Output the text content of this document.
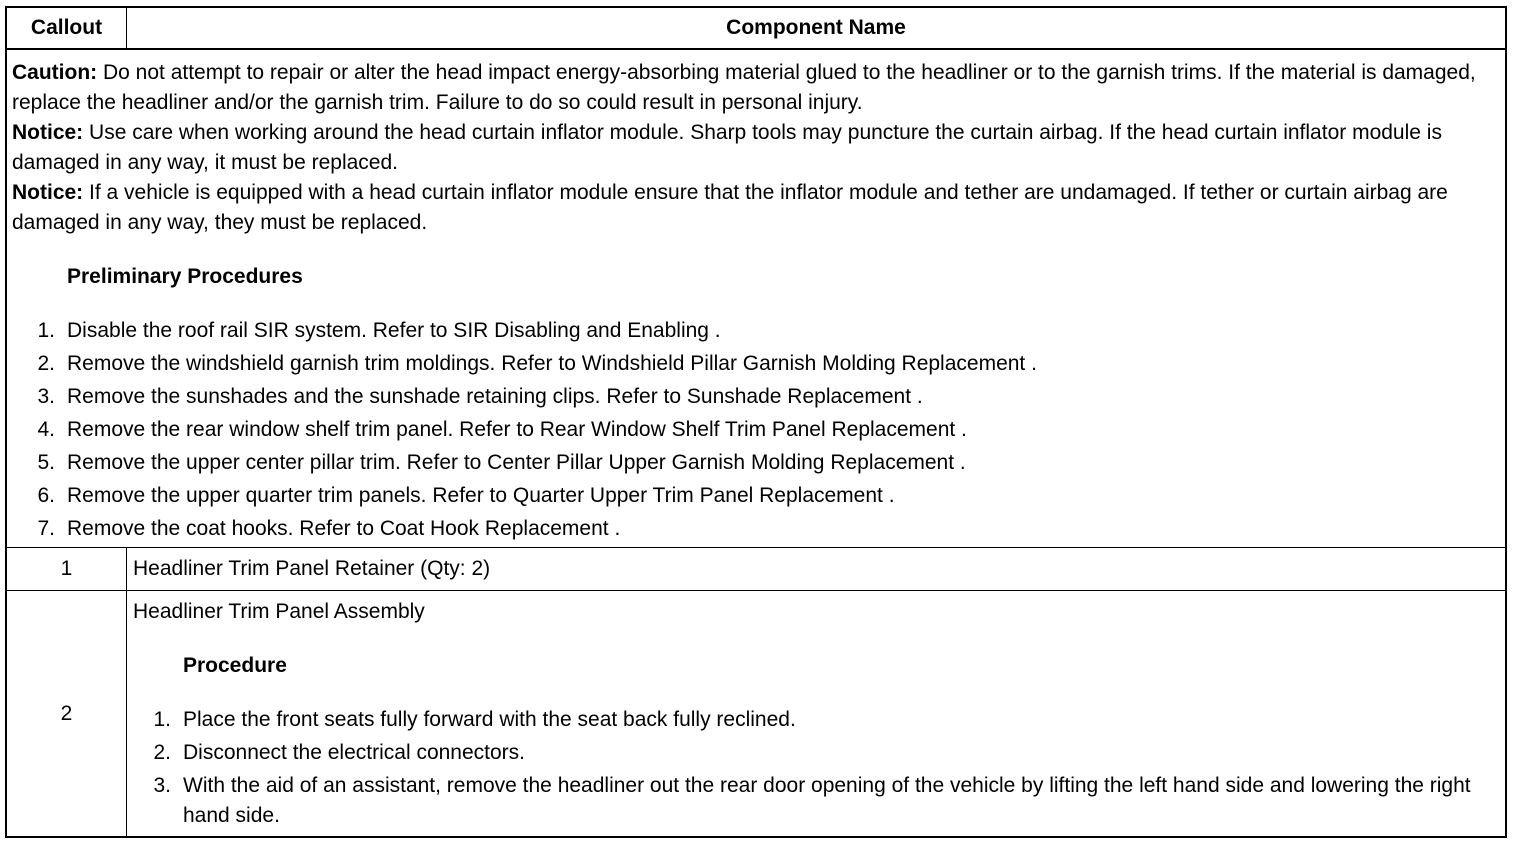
Callout	Component Name

Caution: Do not attempt to repair or alter the head impact energy-absorbing material glued to the headliner or to the garnish trims. If the material is damaged, replace the headliner and/or the garnish trim. Failure to do so could result in personal injury.

Notice: Use care when working around the head curtain inflator module. Sharp tools may puncture the curtain airbag. If the head curtain inflator module is damaged in any way, it must be replaced.

Notice: If a vehicle is equipped with a head curtain inflator module ensure that the inflator module and tether are undamaged. If tether or curtain airbag are damaged in any way, they must be replaced.

Preliminary Procedures
1. Disable the roof rail SIR system. Refer to SIR Disabling and Enabling .
2. Remove the windshield garnish trim moldings. Refer to Windshield Pillar Garnish Molding Replacement .
3. Remove the sunshades and the sunshade retaining clips. Refer to Sunshade Replacement .
4. Remove the rear window shelf trim panel. Refer to Rear Window Shelf Trim Panel Replacement .
5. Remove the upper center pillar trim. Refer to Center Pillar Upper Garnish Molding Replacement .
6. Remove the upper quarter trim panels. Refer to Quarter Upper Trim Panel Replacement .
7. Remove the coat hooks. Refer to Coat Hook Replacement .
1	Headliner Trim Panel Retainer (Qty: 2)
2
Headliner Trim Panel Assembly
Procedure
1. Place the front seats fully forward with the seat back fully reclined.
2. Disconnect the electrical connectors.
3. With the aid of an assistant, remove the headliner out the rear door opening of the vehicle by lifting the left hand side and lowering the right hand side.
